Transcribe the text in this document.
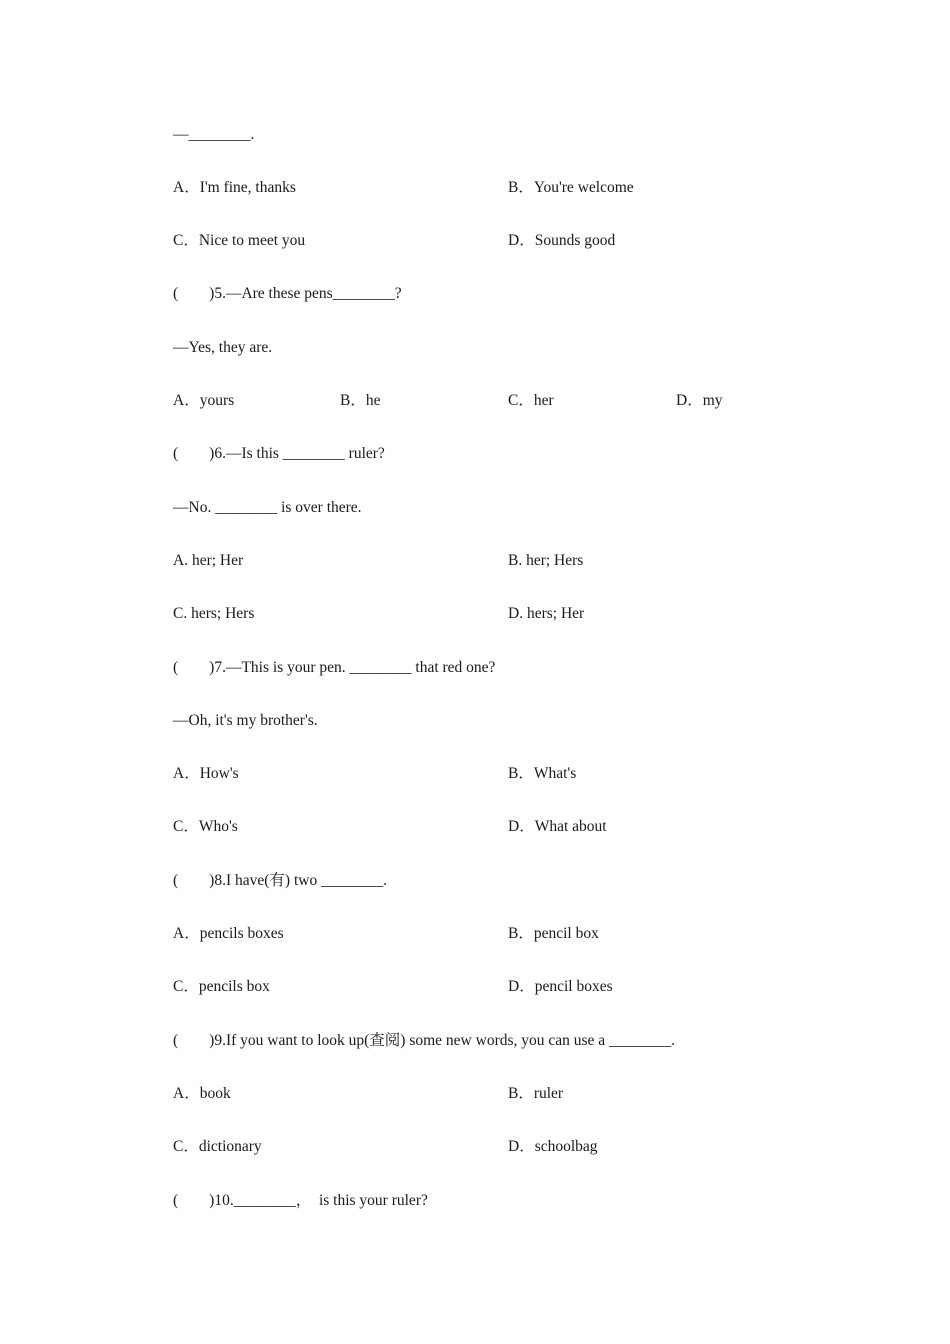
—________.
A．I'm fine, thanks	B．You're welcome
C．Nice to meet you	D．Sounds good
(　　)5.—Are these pens________?
—Yes, they are.
A．yours	B．he	C．her	D．my
(　　)6.—Is this ________ ruler?
—No. ________ is over there.
A. her; Her	B. her; Hers
C. hers; Hers	D. hers; Her
(　　)7.—This is your pen. ________ that red one?
—Oh, it's my brother's.
A．How's	B．What's
C．Who's	D．What about
(　　)8.I have(有) two ________.
A．pencils boxes	B．pencil box
C．pencils box	D．pencil boxes
(　　)9.If you want to look up(查阅) some new words, you can use a ________.
A．book	B．ruler
C．dictionary	D．schoolbag
(　　)10.________，　is this your ruler?
